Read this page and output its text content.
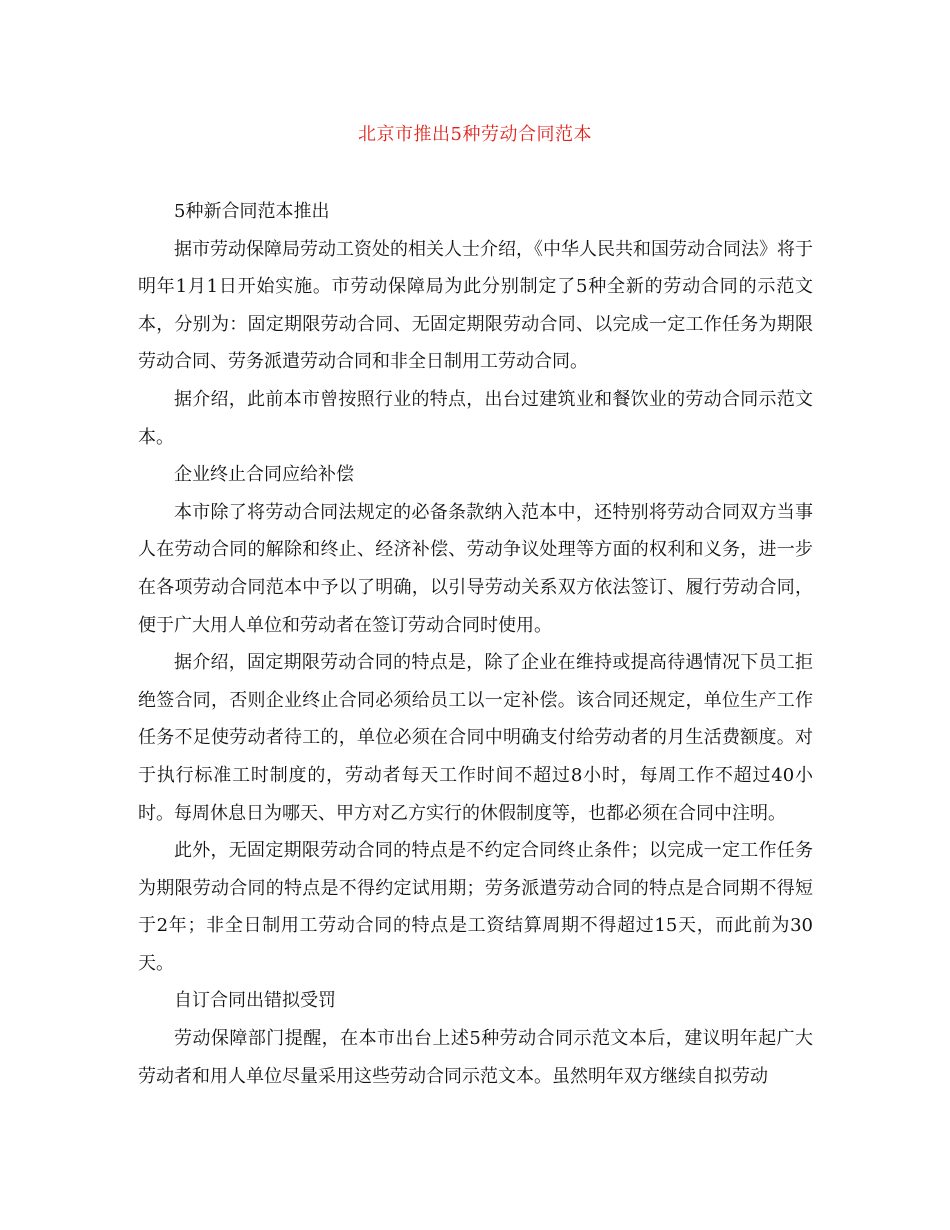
北京市推出5种劳动合同范本

5种新合同范本推出

据市劳动保障局劳动工资处的相关人士介绍，《中华人民共和国劳动合同法》将于明年1月1日开始实施。市劳动保障局为此分别制定了5种全新的劳动合同的示范文本，分别为：固定期限劳动合同、无固定期限劳动合同、以完成一定工作任务为期限劳动合同、劳务派遣劳动合同和非全日制用工劳动合同。

据介绍，此前本市曾按照行业的特点，出台过建筑业和餐饮业的劳动合同示范文本。

企业终止合同应给补偿

本市除了将劳动合同法规定的必备条款纳入范本中，还特别将劳动合同双方当事人在劳动合同的解除和终止、经济补偿、劳动争议处理等方面的权利和义务，进一步在各项劳动合同范本中予以了明确，以引导劳动关系双方依法签订、履行劳动合同，便于广大用人单位和劳动者在签订劳动合同时使用。

据介绍，固定期限劳动合同的特点是，除了企业在维持或提高待遇情况下员工拒绝签合同，否则企业终止合同必须给员工以一定补偿。该合同还规定，单位生产工作任务不足使劳动者待工的，单位必须在合同中明确支付给劳动者的月生活费额度。对于执行标准工时制度的，劳动者每天工作时间不超过8小时，每周工作不超过40小时。每周休息日为哪天、甲方对乙方实行的休假制度等，也都必须在合同中注明。

此外，无固定期限劳动合同的特点是不约定合同终止条件；以完成一定工作任务为期限劳动合同的特点是不得约定试用期；劳务派遣劳动合同的特点是合同期不得短于2年；非全日制用工劳动合同的特点是工资结算周期不得超过15天，而此前为30天。

自订合同出错拟受罚

劳动保障部门提醒，在本市出台上述5种劳动合同示范文本后，建议明年起广大劳动者和用人单位尽量采用这些劳动合同示范文本。虽然明年双方继续自拟劳动
